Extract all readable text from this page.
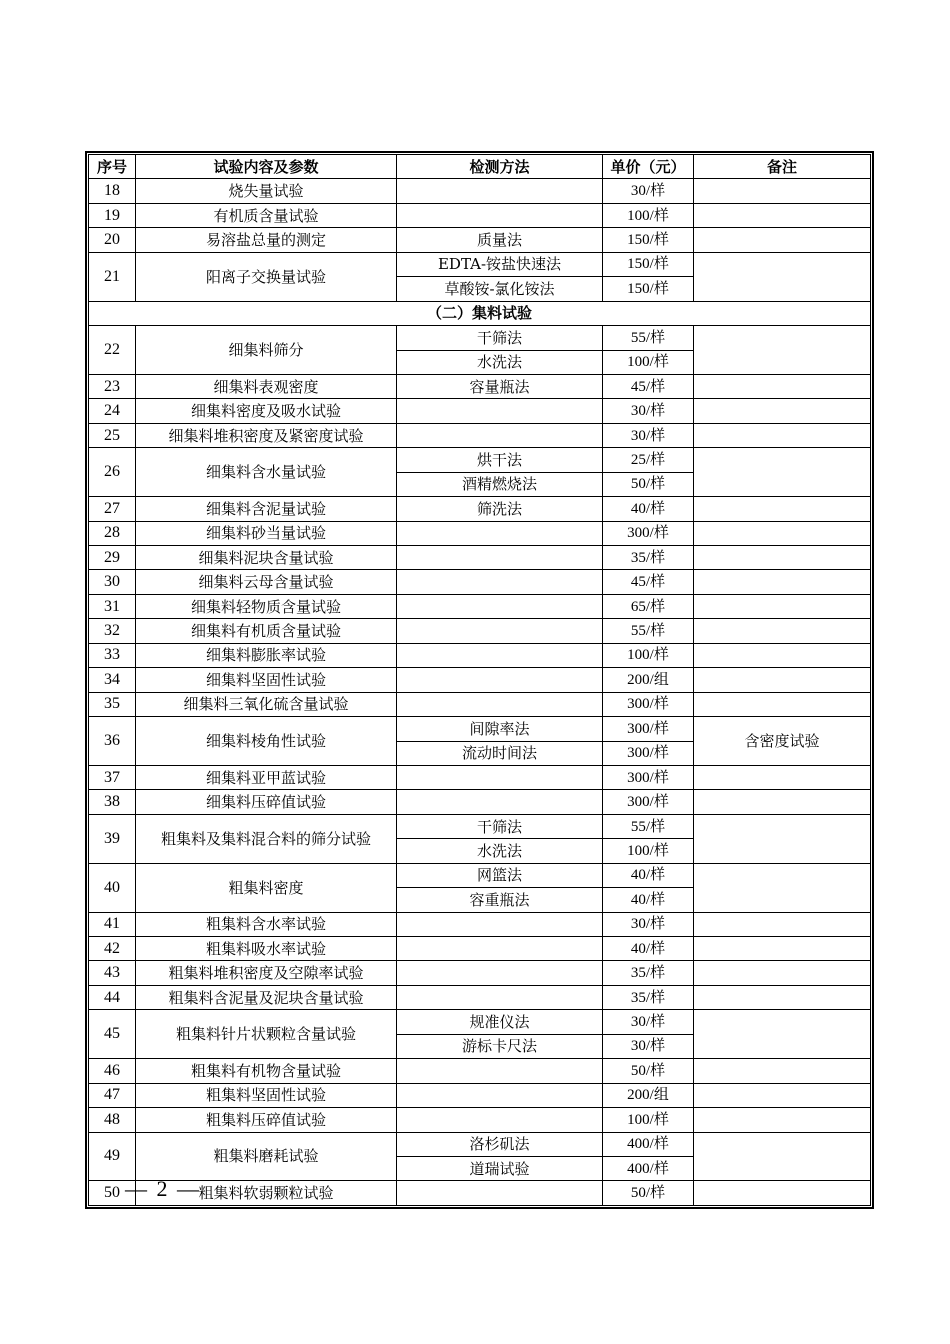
序号	试验内容及参数	检测方法	单价（元）	备注
18	烧失量试验		30/样	
19	有机质含量试验		100/样	
20	易溶盐总量的测定	质量法	150/样	
21	阳离子交换量试验	EDTA-铵盐快速法	150/样	
		草酸铵-氯化铵法	150/样	
（二）集料试验				
22	细集料筛分	干筛法	55/样	
		水洗法	100/样	
23	细集料表观密度	容量瓶法	45/样	
24	细集料密度及吸水试验		30/样	
25	细集料堆积密度及紧密度试验		30/样	
26	细集料含水量试验	烘干法	25/样	
		酒精燃烧法	50/样	
27	细集料含泥量试验	筛洗法	40/样	
28	细集料砂当量试验		300/样	
29	细集料泥块含量试验		35/样	
30	细集料云母含量试验		45/样	
31	细集料轻物质含量试验		65/样	
32	细集料有机质含量试验		55/样	
33	细集料膨胀率试验		100/样	
34	细集料坚固性试验		200/组	
35	细集料三氧化硫含量试验		300/样	
36	细集料棱角性试验	间隙率法	300/样	含密度试验
		流动时间法	300/样	
37	细集料亚甲蓝试验		300/样	
38	细集料压碎值试验		300/样	
39	粗集料及集料混合料的筛分试验	干筛法	55/样	
		水洗法	100/样	
40	粗集料密度	网篮法	40/样	
		容重瓶法	40/样	
41	粗集料含水率试验		30/样	
42	粗集料吸水率试验		40/样	
43	粗集料堆积密度及空隙率试验		35/样	
44	粗集料含泥量及泥块含量试验		35/样	
45	粗集料针片状颗粒含量试验	规准仪法	30/样	
		游标卡尺法	30/样	
46	粗集料有机物含量试验		50/样	
47	粗集料坚固性试验		200/组	
48	粗集料压碎值试验		100/样	
49	粗集料磨耗试验	洛杉矶法	400/样	
		道瑞试验	400/样	
50	粗集料软弱颗粒试验		50/样	
— 2 —
